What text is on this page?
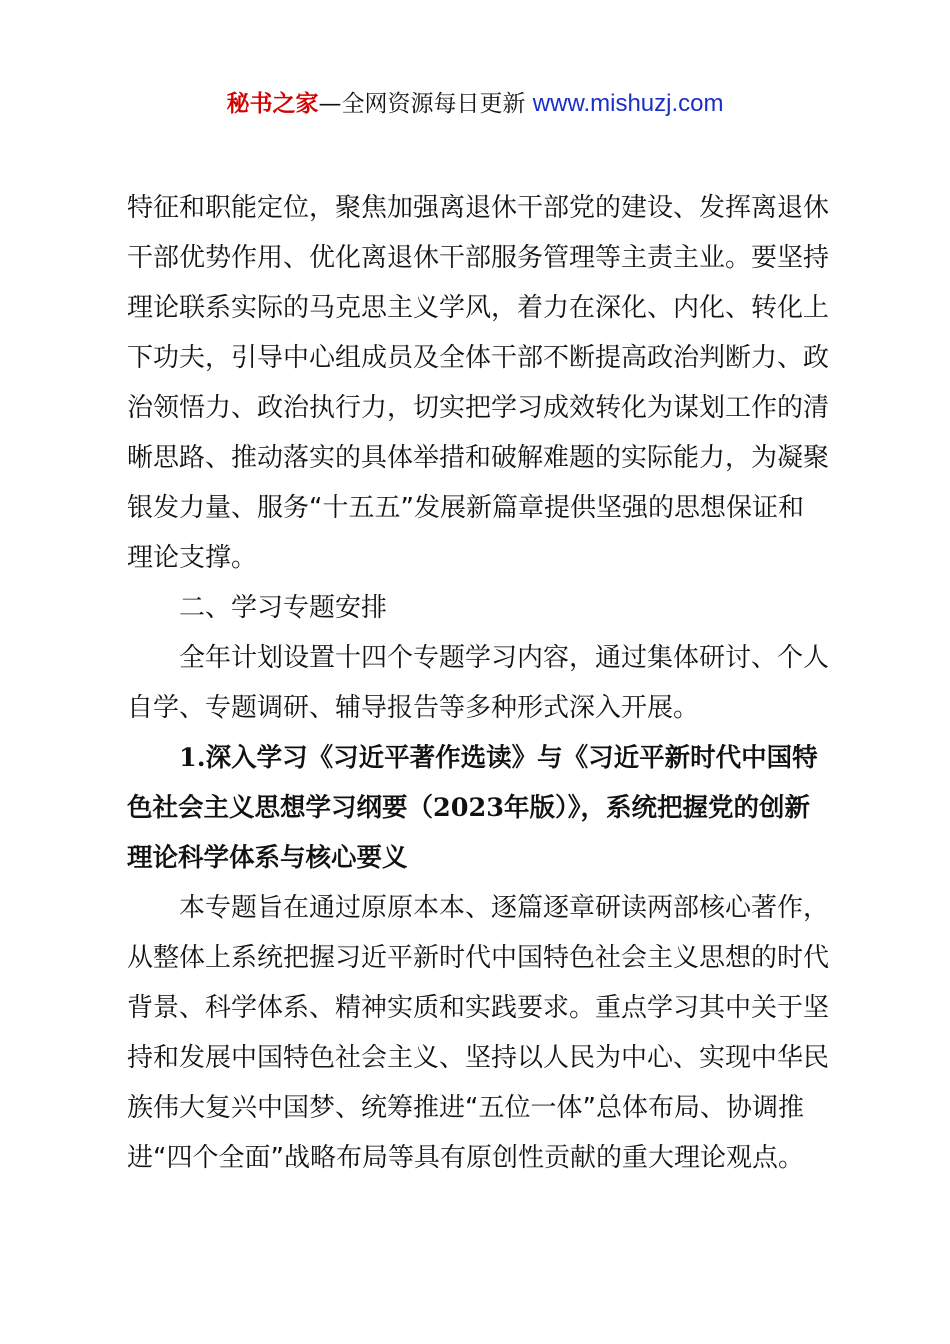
秘书之家—全网资源每日更新 www.mishuzj.com
特征和职能定位，聚焦加强离退休干部党的建设、发挥离退休
干部优势作用、优化离退休干部服务管理等主责主业。要坚持
理论联系实际的马克思主义学风，着力在深化、内化、转化上
下功夫，引导中心组成员及全体干部不断提高政治判断力、政
治领悟力、政治执行力，切实把学习成效转化为谋划工作的清
晰思路、推动落实的具体举措和破解难题的实际能力，为凝聚
银发力量、服务“十五五”发展新篇章提供坚强的思想保证和
理论支撑。
二、学习专题安排
全年计划设置十四个专题学习内容，通过集体研讨、个人
自学、专题调研、辅导报告等多种形式深入开展。
1.深入学习《习近平著作选读》与《习近平新时代中国特
色社会主义思想学习纲要（2023年版）》，系统把握党的创新
理论科学体系与核心要义
本专题旨在通过原原本本、逐篇逐章研读两部核心著作，
从整体上系统把握习近平新时代中国特色社会主义思想的时代
背景、科学体系、精神实质和实践要求。重点学习其中关于坚
持和发展中国特色社会主义、坚持以人民为中心、实现中华民
族伟大复兴中国梦、统筹推进“五位一体”总体布局、协调推
进“四个全面”战略布局等具有原创性贡献的重大理论观点。
